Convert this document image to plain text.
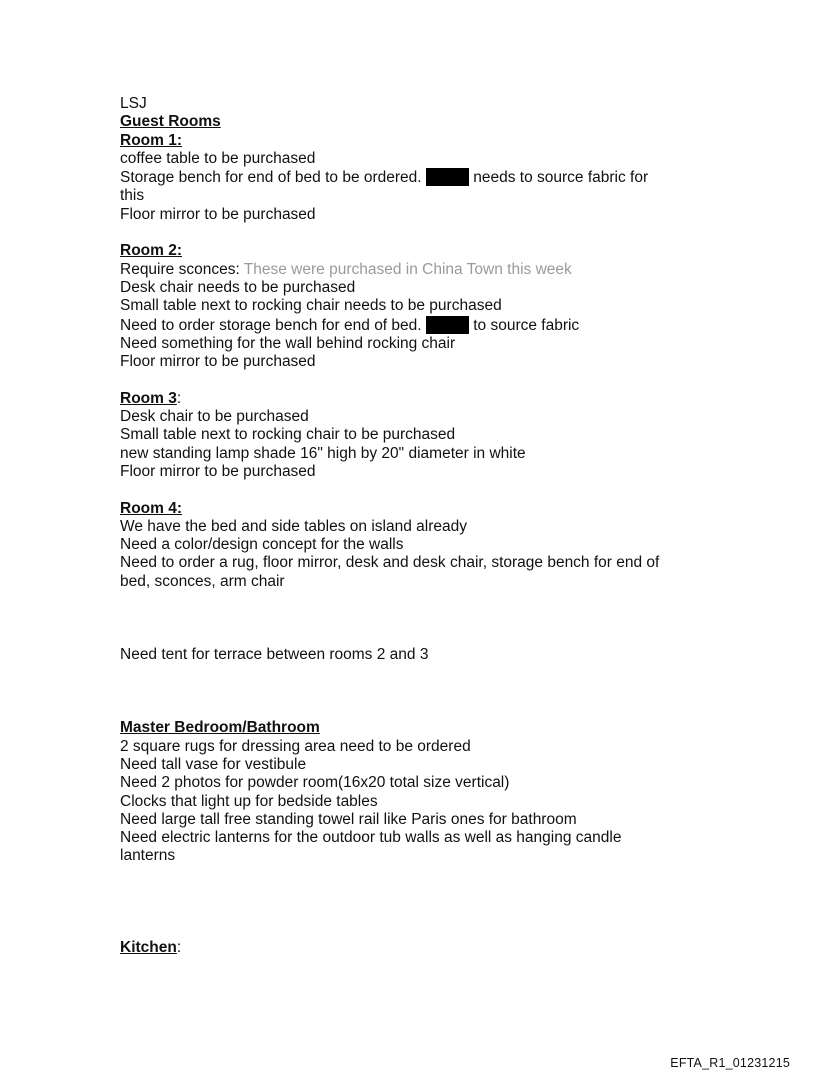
LSJ
Guest Rooms
Room 1:
coffee table to be purchased
Storage bench for end of bed to be ordered.	needs to source fabric for
this
Floor mirror to be purchased
Room 2:
Require sconces: These were purchased in China Town this week
Desk chair needs to be purchased
Small table next to rocking chair needs to be purchased
Need to order storage bench for end of bed.	to source fabric
Need something for the wall behind rocking chair
Floor mirror to be purchased
Room 3:
Desk chair to be purchased
Small table next to rocking chair to be purchased
new standing lamp shade 16" high by 20" diameter in white
Floor mirror to be purchased
Room 4:
We have the bed and side tables on island already
Need a color/design concept for the walls
Need to order a rug, floor mirror, desk and desk chair, storage bench for end of bed, sconces, arm chair
Need tent for terrace between rooms 2 and 3
Master Bedroom/Bathroom
2 square rugs for dressing area need to be ordered
Need tall vase for vestibule
Need 2 photos for powder room(16x20 total size vertical)
Clocks that light up for bedside tables
Need large tall free standing towel rail like Paris ones for bathroom
Need electric lanterns for the outdoor tub walls as well as hanging candle lanterns
Kitchen:
EFTA_R1_01231215
